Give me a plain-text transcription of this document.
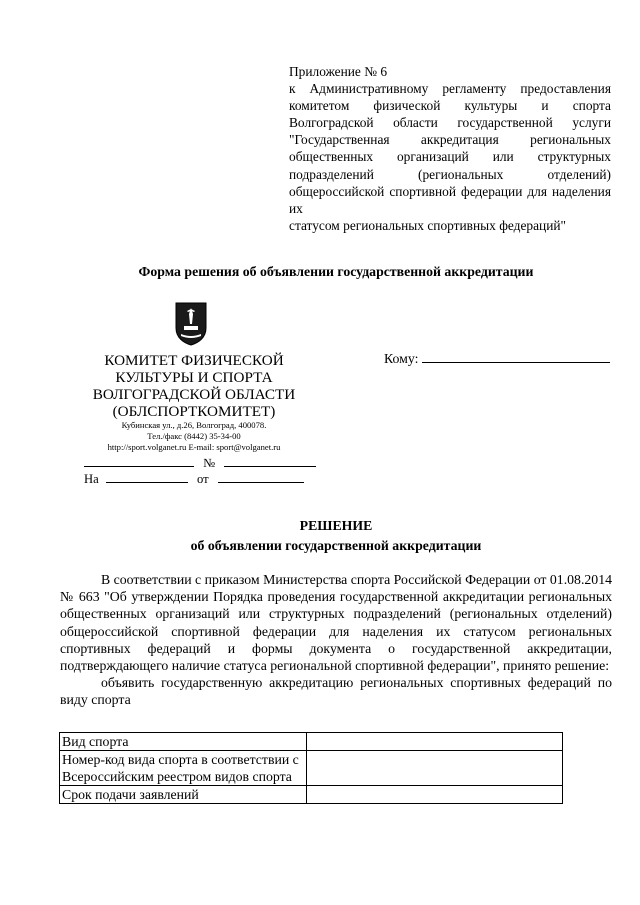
Приложение № 6
к Административному регламенту предоставления комитетом физической культуры и спорта Волгоградской области государственной услуги "Государственная аккредитация региональных общественных организаций или структурных подразделений (региональных отделений) общероссийской спортивной федерации для наделения их
статусом региональных спортивных федераций"
Форма решения об объявлении государственной аккредитации
КОМИТЕТ ФИЗИЧЕСКОЙ
КУЛЬТУРЫ И СПОРТА
ВОЛГОГРАДСКОЙ ОБЛАСТИ
(ОБЛСПОРТКОМИТЕТ)
Кубинская ул., д.26, Волгоград, 400078.
Тел./факс (8442) 35-34-00
http://sport.volganet.ru E-mail: sport@volganet.ru
Кому:
№
На	от
РЕШЕНИЕ
об объявлении государственной аккредитации

В соответствии с приказом Министерства спорта Российской Федерации от 01.08.2014 № 663 "Об утверждении Порядка проведения государственной аккредитации региональных общественных организаций или структурных подразделений (региональных отделений) общероссийской спортивной федерации для наделения их статусом региональных спортивных федераций и формы документа о государственной аккредитации, подтверждающего наличие статуса региональной спортивной федерации", принято решение:

объявить государственную аккредитацию региональных спортивных федераций по виду спорта

Вид спорта	
Номер-код вида спорта в соответствии с Всероссийским реестром видов спорта	
Срок подачи заявлений	
